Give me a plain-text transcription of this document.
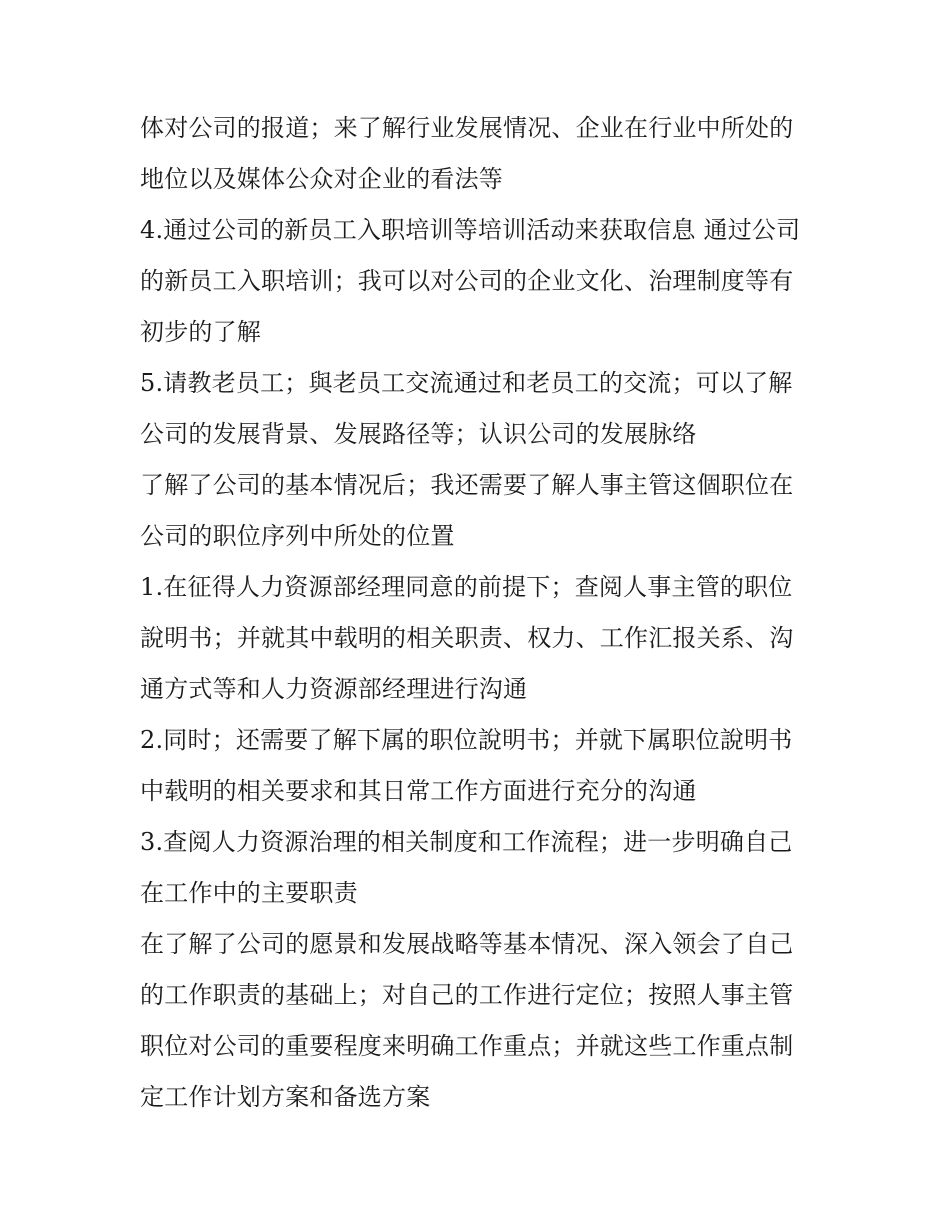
体对公司的报道；来了解行业发展情况、企业在行业中所处的
地位以及媒体公众对企业的看法等
4.通过公司的新员工入职培训等培训活动来获取信息 通过公司
的新员工入职培训；我可以对公司的企业文化、治理制度等有
初步的了解
5.请教老员工；與老员工交流通过和老员工的交流；可以了解
公司的发展背景、发展路径等；认识公司的发展脉络
了解了公司的基本情况后；我还需要了解人事主管这個职位在
公司的职位序列中所处的位置
1.在征得人力资源部经理同意的前提下；查阅人事主管的职位
說明书；并就其中载明的相关职责、权力、工作汇报关系、沟
通方式等和人力资源部经理进行沟通
2.同时；还需要了解下属的职位說明书；并就下属职位說明书
中载明的相关要求和其日常工作方面进行充分的沟通
3.查阅人力资源治理的相关制度和工作流程；进一步明确自己
在工作中的主要职责
在了解了公司的愿景和发展战略等基本情况、深入领会了自己
的工作职责的基础上；对自己的工作进行定位；按照人事主管
职位对公司的重要程度来明确工作重点；并就这些工作重点制
定工作计划方案和备选方案
